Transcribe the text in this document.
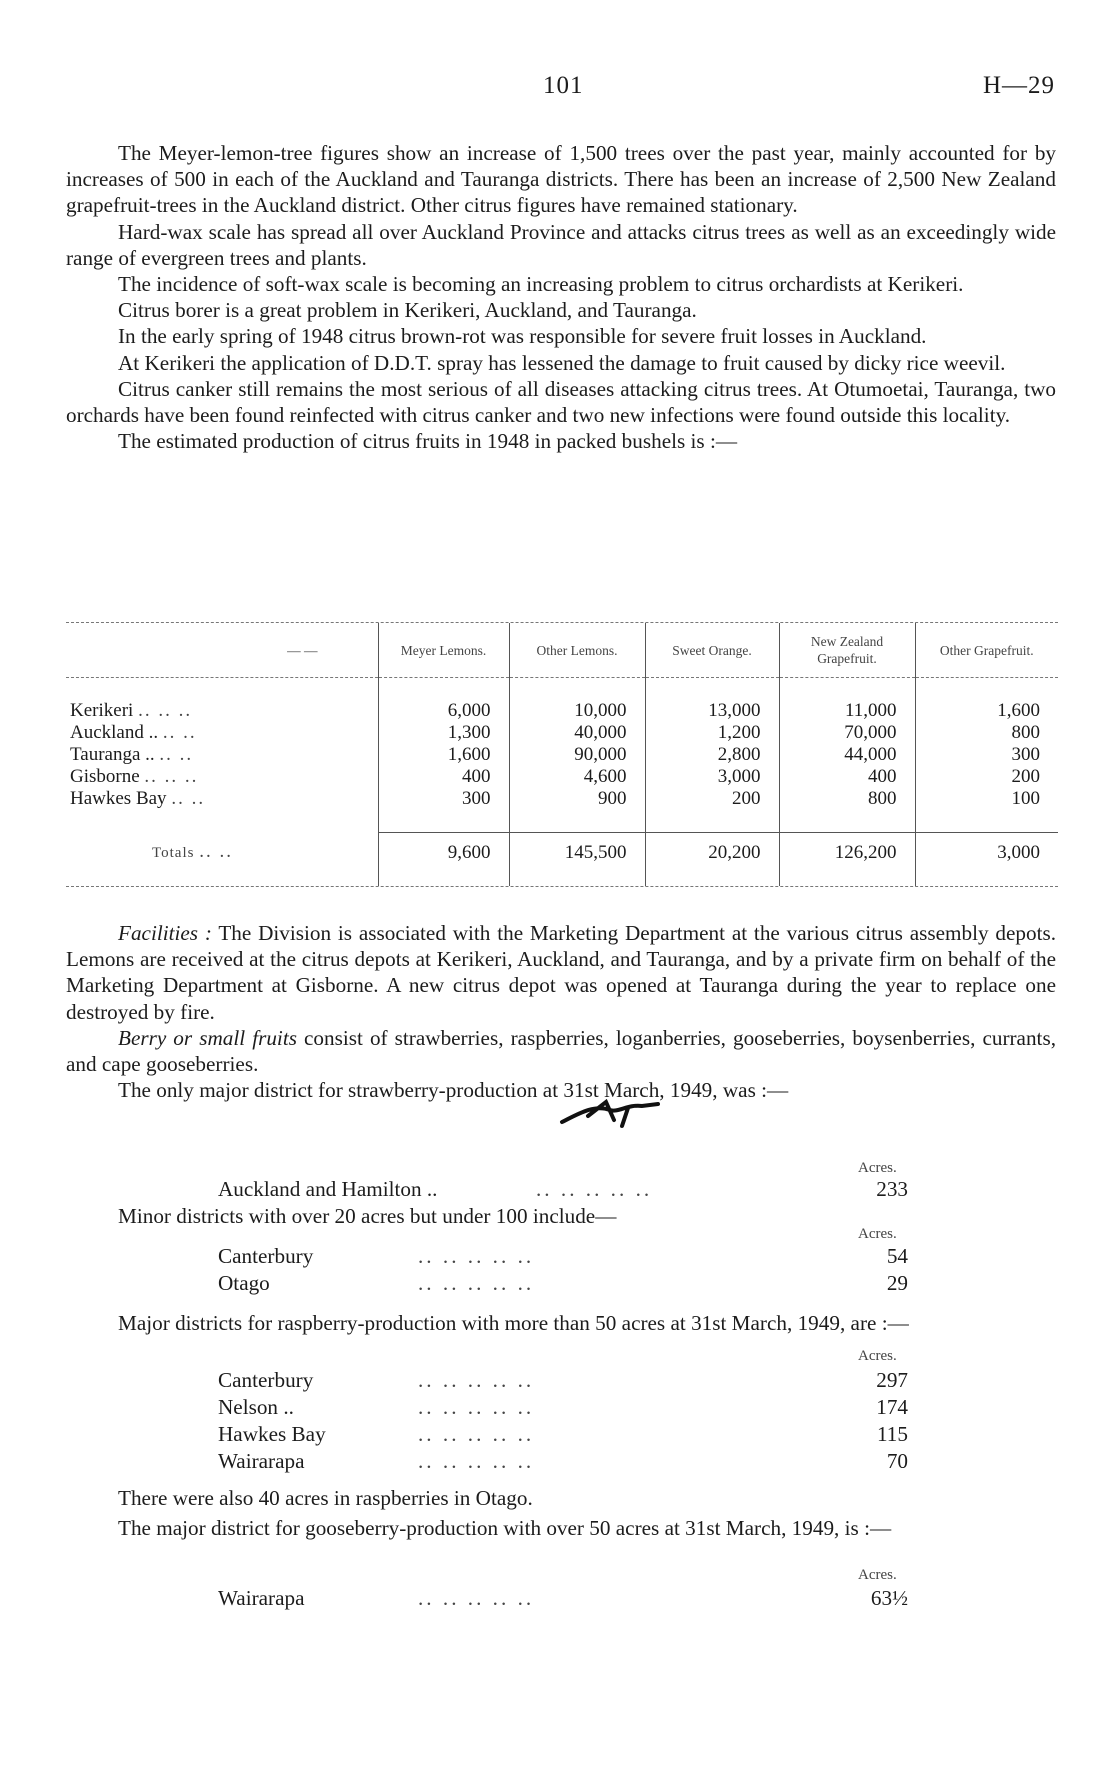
101	H—29

The Meyer-lemon-tree figures show an increase of 1,500 trees over the past year, mainly accounted for by increases of 500 in each of the Auckland and Tauranga districts. There has been an increase of 2,500 New Zealand grapefruit-trees in the Auckland district. Other citrus figures have remained stationary.

Hard-wax scale has spread all over Auckland Province and attacks citrus trees as well as an exceedingly wide range of evergreen trees and plants.

The incidence of soft-wax scale is becoming an increasing problem to citrus orchardists at Kerikeri.

Citrus borer is a great problem in Kerikeri, Auckland, and Tauranga.

In the early spring of 1948 citrus brown-rot was responsible for severe fruit losses in Auckland.

At Kerikeri the application of D.D.T. spray has lessened the damage to fruit caused by dicky rice weevil.

Citrus canker still remains the most serious of all diseases attacking citrus trees. At Otumoetai, Tauranga, two orchards have been found reinfected with citrus canker and two new infections were found outside this locality.

The estimated production of citrus fruits in 1948 in packed bushels is :—

— —	Meyer Lemons.	Other Lemons.	Sweet Orange.	New Zealand Grapefruit.	Other Grapefruit.

Kerikeri .. .. ..	6,000	10,000	13,000	11,000	1,600
Auckland .. .. ..	1,300	40,000	1,200	70,000	800
Tauranga .. .. ..	1,600	90,000	2,800	44,000	300
Gisborne .. .. ..	400	4,600	3,000	400	200
Hawkes Bay .. ..	300	900	200	800	100

Totals .. ..	9,600	145,500	20,200	126,200	3,000

Facilities : The Division is associated with the Marketing Department at the various citrus assembly depots. Lemons are received at the citrus depots at Kerikeri, Auckland, and Tauranga, and by a private firm on behalf of the Marketing Department at Gisborne. A new citrus depot was opened at Tauranga during the year to replace one destroyed by fire.

Berry or small fruits consist of strawberries, raspberries, loganberries, gooseberries, boysenberries, currants, and cape gooseberries.

The only major district for strawberry-production at 31st March, 1949, was :—

Acres.
Auckland and Hamilton ..	.. .. .. .. ..	233

Minor districts with over 20 acres but under 100 include—

Acres.
Canterbury	.. .. .. .. ..	54
Otago	.. .. .. .. ..	29

Major districts for raspberry-production with more than 50 acres at 31st March, 1949, are :—

Acres.
Canterbury	.. .. .. .. ..	297
Nelson ..	.. .. .. .. ..	174
Hawkes Bay	.. .. .. .. ..	115
Wairarapa	.. .. .. .. ..	70

There were also 40 acres in raspberries in Otago.

The major district for gooseberry-production with over 50 acres at 31st March, 1949, is :—

Acres.
Wairarapa	.. .. .. .. ..	63½
